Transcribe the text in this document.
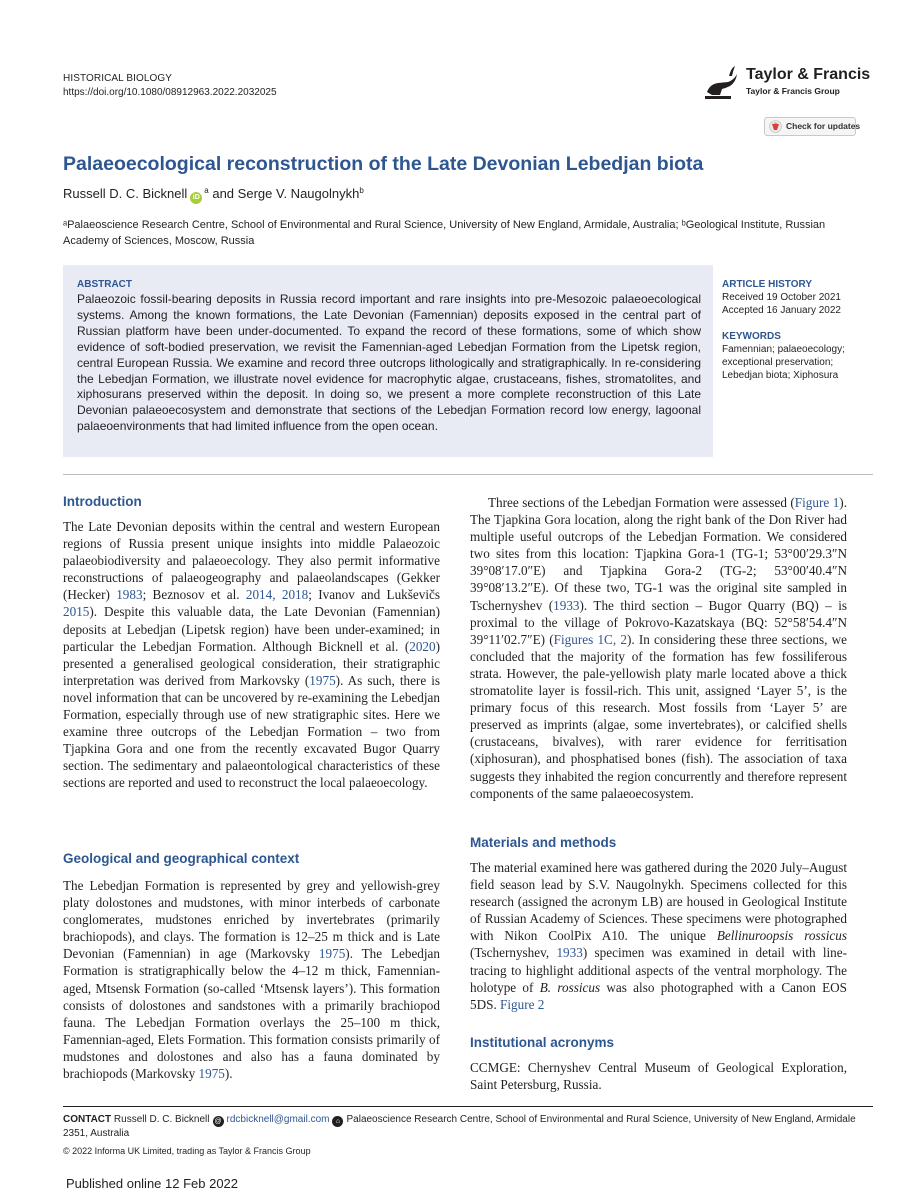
HISTORICAL BIOLOGY
https://doi.org/10.1080/08912963.2022.2032025
Taylor & Francis
Taylor & Francis Group
Check for updates
Palaeoecological reconstruction of the Late Devonian Lebedjan biota
Russell D. C. Bicknell $iD^a$ and Serge V. Naugolnykh$^b$
ᵃPalaeoscience Research Centre, School of Environmental and Rural Science, University of New England, Armidale, Australia; ᵇGeological Institute, Russian Academy of Sciences, Moscow, Russia
ABSTRACT
Palaeozoic fossil-bearing deposits in Russia record important and rare insights into pre-Mesozoic palaeoecological systems. Among the known formations, the Late Devonian (Famennian) deposits exposed in the central part of Russian platform have been under-documented. To expand the record of these formations, some of which show evidence of soft-bodied preservation, we revisit the Famennian-aged Lebedjan Formation from the Lipetsk region, central European Russia. We examine and record three outcrops lithologically and stratigraphically. In re-considering the Lebedjan Formation, we illustrate novel evidence for macrophytic algae, crustaceans, fishes, stromatolites, and xiphosurans preserved within the deposit. In doing so, we present a more complete reconstruction of this Late Devonian palaeoecosystem and demonstrate that sections of the Lebedjan Formation record low energy, lagoonal palaeoenvironments that had limited influence from the open ocean.
ARTICLE HISTORY
Received 19 October 2021
Accepted 16 January 2022
KEYWORDS
Famennian; palaeoecology; exceptional preservation; Lebedjan biota; Xiphosura
Introduction

The Late Devonian deposits within the central and western European regions of Russia present unique insights into middle Palaeozoic palaeobiodiversity and palaeoecology. They also permit informative reconstructions of palaeogeography and palaeolandscapes (Gekker (Hecker) 1983; Beznosov et al. 2014, 2018; Ivanov and Lukševičs 2015). Despite this valuable data, the Late Devonian (Famennian) deposits at Lebedjan (Lipetsk region) have been under-examined; in particular the Lebedjan Formation. Although Bicknell et al. (2020) presented a generalised geological consideration, their stratigraphic interpretation was derived from Markovsky (1975). As such, there is novel information that can be uncovered by re-examining the Lebedjan Formation, especially through use of new stratigraphic sites. Here we examine three outcrops of the Lebedjan Formation – two from Tjapkina Gora and one from the recently excavated Bugor Quarry section. The sedimentary and palaeontological characteristics of these sections are reported and used to reconstruct the local palaeoecology.

Geological and geographical context

The Lebedjan Formation is represented by grey and yellowish-grey platy dolostones and mudstones, with minor interbeds of carbonate conglomerates, mudstones enriched by invertebrates (primarily brachiopods), and clays. The formation is 12–25 m thick and is Late Devonian (Famennian) in age (Markovsky 1975). The Lebedjan Formation is stratigraphically below the 4–12 m thick, Famennian-aged, Mtsensk Formation (so-called ‘Mtsensk layers’). This formation consists of dolostones and sandstones with a primarily brachiopod fauna. The Lebedjan Formation overlays the 25–100 m thick, Famennian-aged, Elets Formation. This formation consists primarily of mudstones and dolostones and also has a fauna dominated by brachiopods (Markovsky 1975).

Three sections of the Lebedjan Formation were assessed (Figure 1). The Tjapkina Gora location, along the right bank of the Don River had multiple useful outcrops of the Lebedjan Formation. We considered two sites from this location: Tjapkina Gora-1 (TG-1; 53°00′29.3″N 39°08′17.0″E) and Tjapkina Gora-2 (TG-2; 53°00′40.4″N 39°08′13.2″E). Of these two, TG-1 was the original site sampled in Tschernyshev (1933). The third section – Bugor Quarry (BQ) – is proximal to the village of Pokrovo-Kazatskaya (BQ: 52°58′54.4″N 39°11′02.7″E) (Figures 1C, 2). In considering these three sections, we concluded that the majority of the formation has few fossiliferous strata. However, the pale-yellowish platy marle located above a thick stromatolite layer is fossil-rich. This unit, assigned ‘Layer 5’, is the primary focus of this research. Most fossils from ‘Layer 5’ are preserved as imprints (algae, some invertebrates), or calcified shells (crustaceans, bivalves), with rarer evidence for ferritisation (xiphosuran), and phosphatised bones (fish). The association of taxa suggests they inhabited the region concurrently and therefore represent components of the same palaeoecosystem.

Materials and methods

The material examined here was gathered during the 2020 July–August field season lead by S.V. Naugolnykh. Specimens collected for this research (assigned the acronym LB) are housed in Geological Institute of Russian Academy of Sciences. These specimens were photographed with Nikon CoolPix A10. The unique Bellinuroopsis rossicus (Tschernyshev, 1933) specimen was examined in detail with line-tracing to highlight additional aspects of the ventral morphology. The holotype of B. rossicus was also photographed with a Canon EOS 5DS. Figure 2

Institutional acronyms
CCMGE: Chernyshev Central Museum of Geological Exploration, Saint Petersburg, Russia.
CONTACT Russell D. C. Bicknell @ rdcbicknell@gmail.com ⌂ Palaeoscience Research Centre, School of Environmental and Rural Science, University of New England, Armidale 2351, Australia
© 2022 Informa UK Limited, trading as Taylor & Francis Group
Published online 12 Feb 2022
